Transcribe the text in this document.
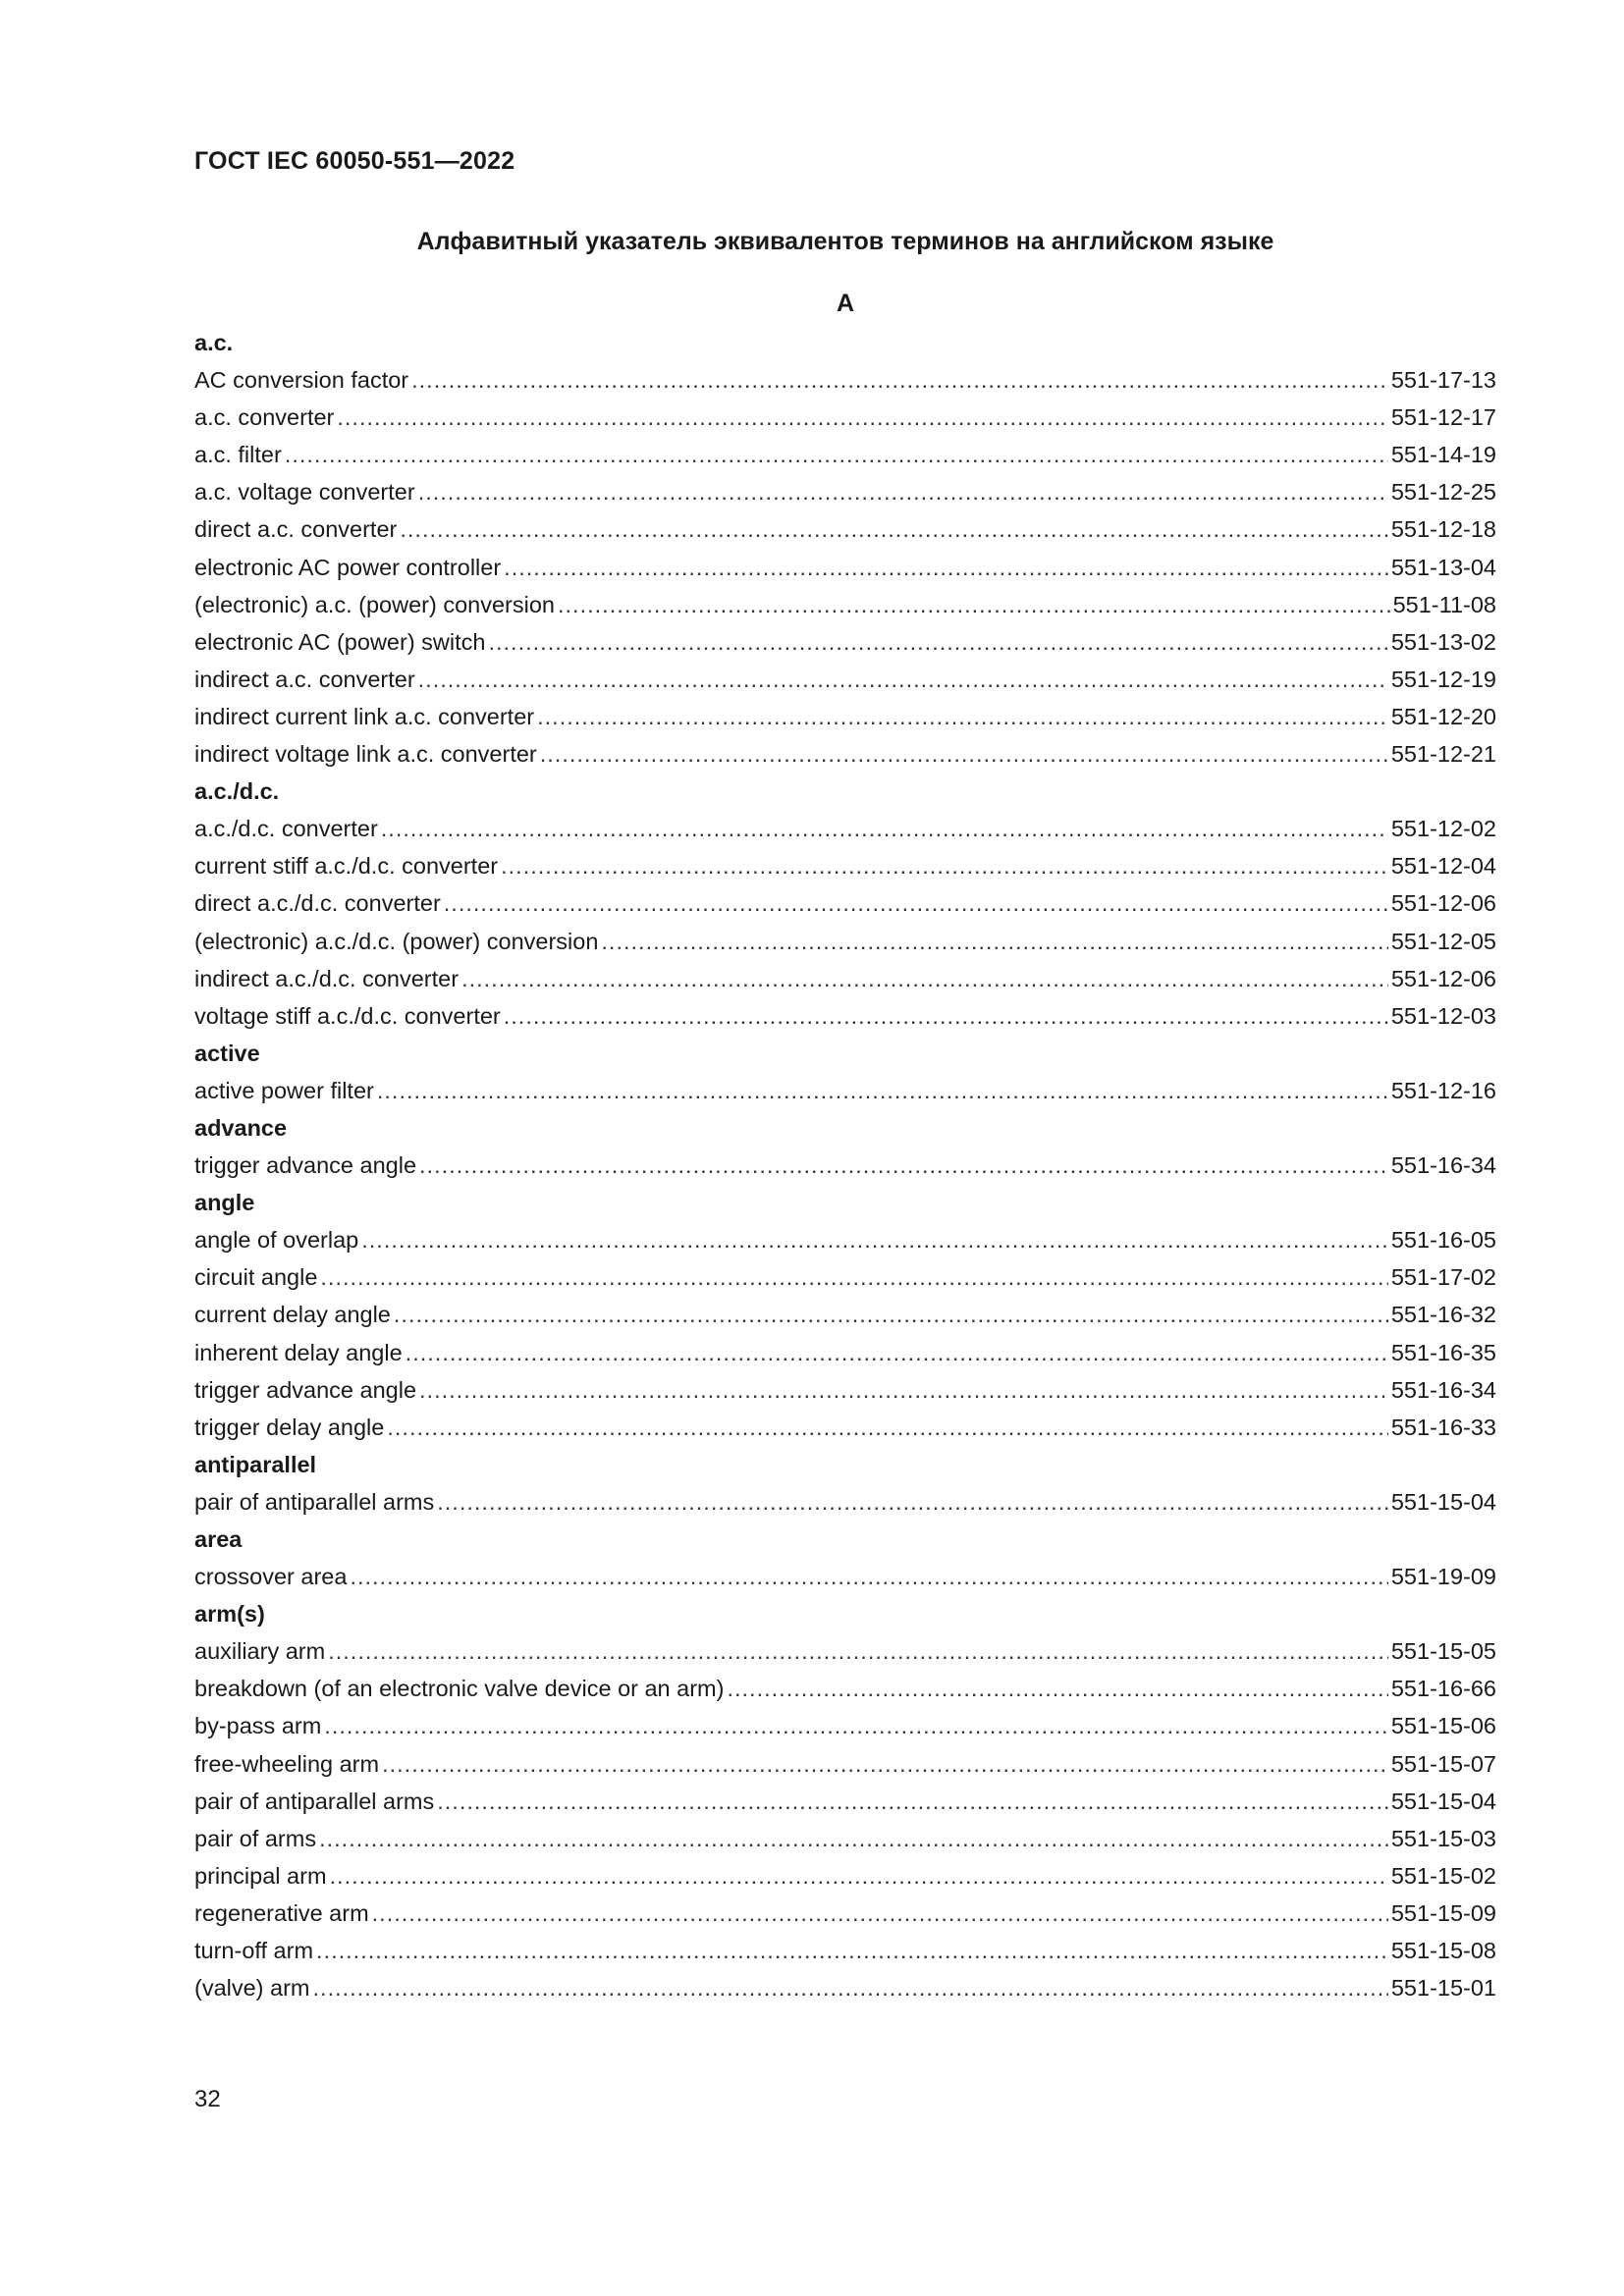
ГОСТ IEC 60050-551—2022
Алфавитный указатель эквивалентов терминов на английском языке
A
a.c.
AC conversion factor .....	551-17-13
a.c. converter .....	551-12-17
a.c. filter .....	551-14-19
a.c. voltage converter .....	551-12-25
direct a.c. converter .....	551-12-18
electronic AC power controller .....	551-13-04
(electronic) a.c. (power) conversion .....	551-11-08
electronic AC (power) switch .....	551-13-02
indirect a.c. converter .....	551-12-19
indirect current link a.c. converter .....	551-12-20
indirect voltage link a.c. converter .....	551-12-21
a.c./d.c.
a.c./d.c. converter .....	551-12-02
current stiff a.c./d.c. converter .....	551-12-04
direct a.c./d.c. converter .....	551-12-06
(electronic) a.c./d.c. (power) conversion .....	551-12-05
indirect a.c./d.c. converter .....	551-12-06
voltage stiff a.c./d.c. converter .....	551-12-03
active
active power filter .....	551-12-16
advance
trigger advance angle .....	551-16-34
angle
angle of overlap .....	551-16-05
circuit angle .....	551-17-02
current delay angle .....	551-16-32
inherent delay angle .....	551-16-35
trigger advance angle .....	551-16-34
trigger delay angle .....	551-16-33
antiparallel
pair of antiparallel arms .....	551-15-04
area
crossover area .....	551-19-09
arm(s)
auxiliary arm .....	551-15-05
breakdown (of an electronic valve device or an arm) .....	551-16-66
by-pass arm .....	551-15-06
free-wheeling arm .....	551-15-07
pair of antiparallel arms .....	551-15-04
pair of arms .....	551-15-03
principal arm .....	551-15-02
regenerative arm .....	551-15-09
turn-off arm .....	551-15-08
(valve) arm .....	551-15-01
32
